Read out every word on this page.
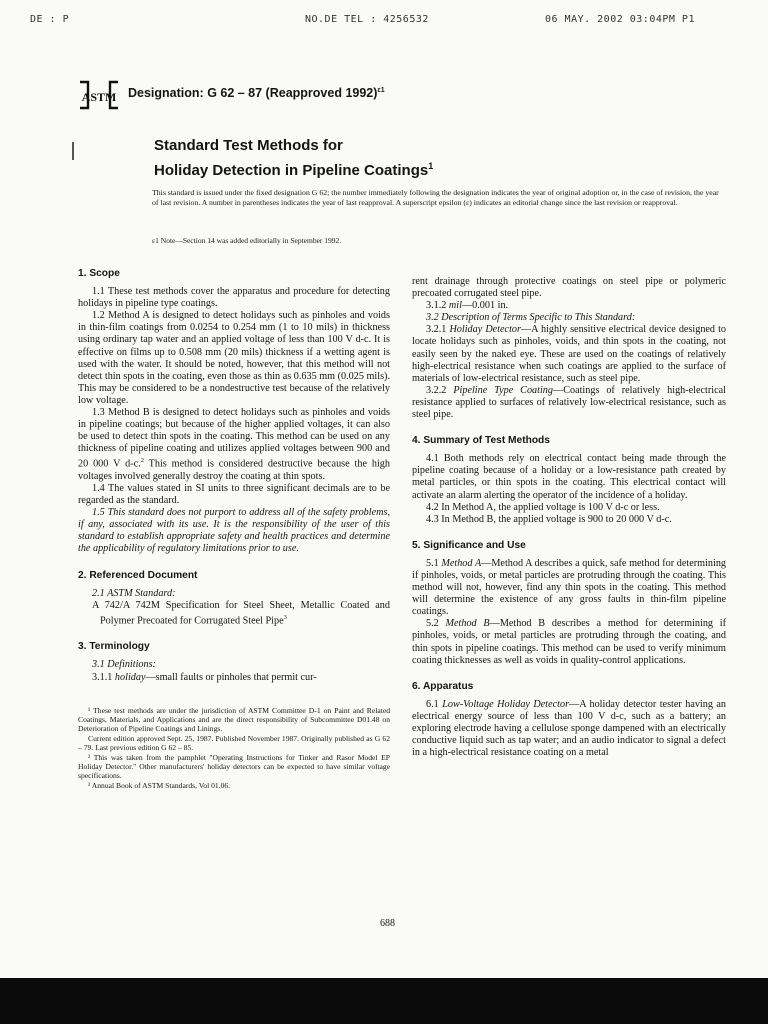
DE : P	NO.DE TEL : 4256532	06 MAY. 2002 03:04PM P1
ASTM Designation: G 62 – 87 (Reapproved 1992)$^{\varepsilon 1}$
Standard Test Methods for
Holiday Detection in Pipeline Coatings$^1$

This standard is issued under the fixed designation G 62; the number immediately following the designation indicates the year of original adoption or, in the case of revision, the year of last revision. A number in parentheses indicates the year of last reapproval. A superscript epsilon (ε) indicates an editorial change since the last revision or reapproval.

ε1 Note—Section 14 was added editorially in September 1992.

1. Scope

1.1 These test methods cover the apparatus and procedure for detecting holidays in pipeline type coatings.

1.2 Method A is designed to detect holidays such as pinholes and voids in thin-film coatings from 0.0254 to 0.254 mm (1 to 10 mils) in thickness using ordinary tap water and an applied voltage of less than 100 V d-c. It is effective on films up to 0.508 mm (20 mils) thickness if a wetting agent is used with the water. It should be noted, however, that this method will not detect thin spots in the coating, even those as thin as 0.635 mm (0.025 mils). This may be considered to be a nondestructive test because of the relatively low voltage.

1.3 Method B is designed to detect holidays such as pinholes and voids in pipeline coatings; but because of the higher applied voltages, it can also be used to detect thin spots in the coating. This method can be used on any thickness of pipeline coating and utilizes applied voltages between 900 and 20 000 V d-c.$^2$ This method is considered destructive because the high voltages involved generally destroy the coating at thin spots.

1.4 The values stated in SI units to three significant decimals are to be regarded as the standard.

1.5 This standard does not purport to address all of the safety problems, if any, associated with its use. It is the responsibility of the user of this standard to establish appropriate safety and health practices and determine the applicability of regulatory limitations prior to use.

2. Referenced Document

2.1 ASTM Standard:

A 742/A 742M Specification for Steel Sheet, Metallic Coated and Polymer Precoated for Corrugated Steel Pipe$^3$

3. Terminology

3.1 Definitions:

3.1.1 holiday—small faults or pinholes that permit cur-

¹ These test methods are under the jurisdiction of ASTM Committee D-1 on Paint and Related Coatings, Materials, and Applications and are the direct responsibility of Subcommittee D01.48 on Deterioration of Pipeline Coatings and Linings.

Current edition approved Sept. 25, 1987. Published November 1987. Originally published as G 62 – 79. Last previous edition G 62 – 85.

² This was taken from the pamphlet "Operating Instructions for Tinker and Rasor Model EP Holiday Detector." Other manufacturers' holiday detectors can be expected to have similar voltage specifications.

³ Annual Book of ASTM Standards, Vol 01.06.

rent drainage through protective coatings on steel pipe or polymeric precoated corrugated steel pipe.

3.1.2 mil—0.001 in.

3.2 Description of Terms Specific to This Standard:

3.2.1 Holiday Detector—A highly sensitive electrical device designed to locate holidays such as pinholes, voids, and thin spots in the coating, not easily seen by the naked eye. These are used on the coatings of relatively high-electrical resistance when such coatings are applied to the surface of materials of low-electrical resistance, such as steel pipe.

3.2.2 Pipeline Type Coating—Coatings of relatively high-electrical resistance applied to surfaces of relatively low-electrical resistance, such as steel pipe.

4. Summary of Test Methods

4.1 Both methods rely on electrical contact being made through the pipeline coating because of a holiday or a low-resistance path created by metal particles, or thin spots in the coating. This electrical contact will activate an alarm alerting the operator of the incidence of a holiday.

4.2 In Method A, the applied voltage is 100 V d-c or less.

4.3 In Method B, the applied voltage is 900 to 20 000 V d-c.

5. Significance and Use

5.1 Method A—Method A describes a quick, safe method for determining if pinholes, voids, or metal particles are protruding through the coating. This method will not, however, find any thin spots in the coating. This method will determine the existence of any gross faults in thin-film pipeline coatings.

5.2 Method B—Method B describes a method for determining if pinholes, voids, or metal particles are protruding through the coating, and thin spots in pipeline coatings. This method can be used to verify minimum coating thicknesses as well as voids in quality-control applications.

6. Apparatus

6.1 Low-Voltage Holiday Detector—A holiday detector tester having an electrical energy source of less than 100 V d-c, such as a battery; an exploring electrode having a cellulose sponge dampened with an electrically conductive liquid such as tap water; and an audio indicator to signal a defect in a high-electrical resistance coating on a metal

688
